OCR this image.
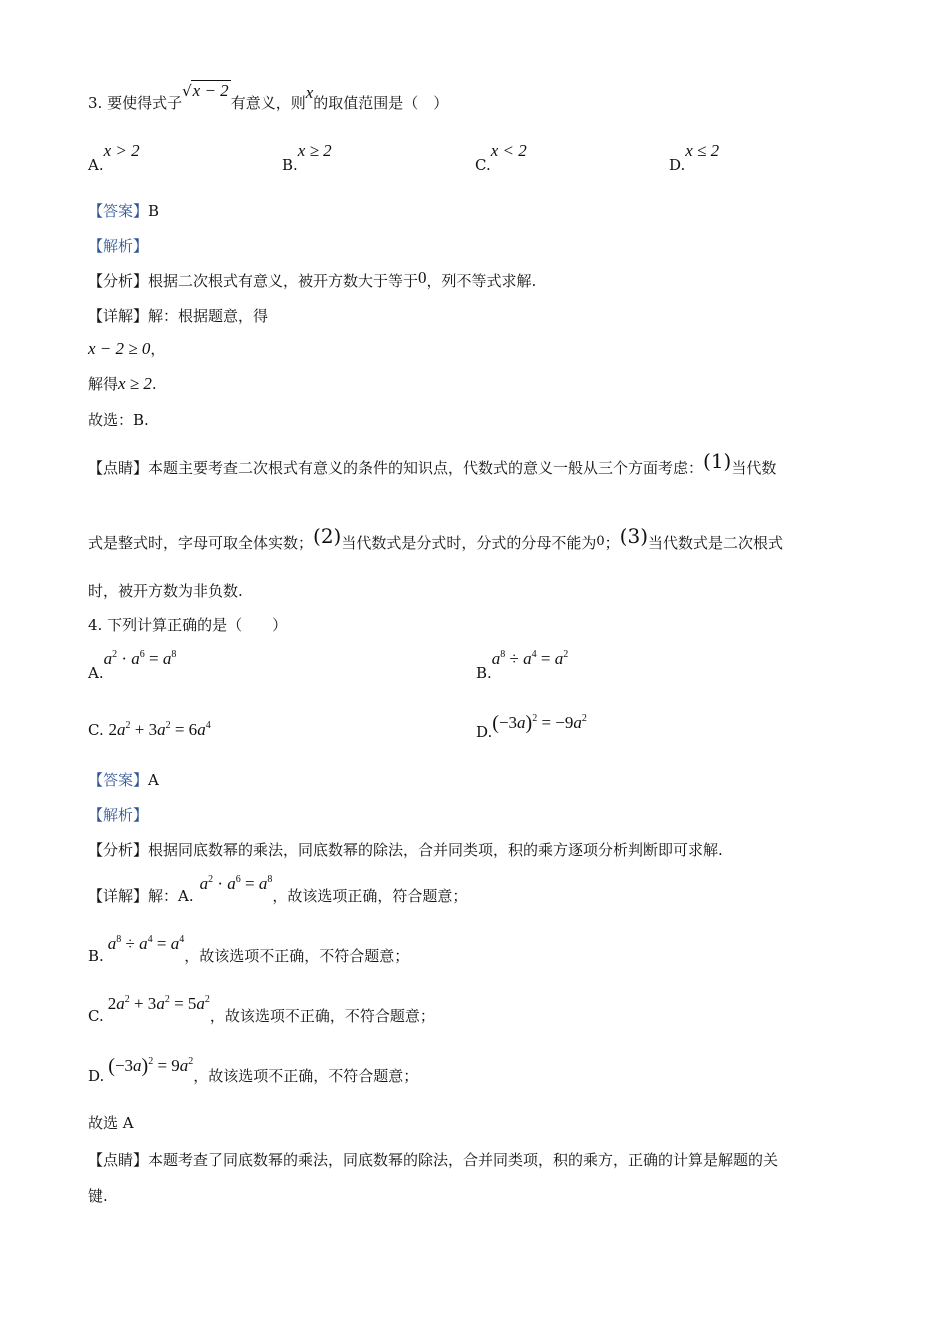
3. 要使得式子√x − 2有意义，则x的取值范围是（　）
A.x > 2
B.x ≥ 2
C.x < 2
D.x ≤ 2
【答案】B
【解析】
【分析】根据二次根式有意义，被开方数大于等于0，列不等式求解.
【详解】解：根据题意，得
x − 2 ≥ 0，
解得x ≥ 2.
故选：B.
【点睛】本题主要考查二次根式有意义的条件的知识点，代数式的意义一般从三个方面考虑：(1)当代数
式是整式时，字母可取全体实数；(2)当代数式是分式时，分式的分母不能为0；(3)当代数式是二次根式
时，被开方数为非负数.
4. 下列计算正确的是（　　）
$A.a^2 \cdot a^6 = a^8$
$B.a^8 \div a^4 = a^2$
C. $2a^2 + 3a^2 = 6a^4$	$D.(-3a)^2 = -9a^2$
【答案】A
【解析】
【分析】根据同底数幂的乘法，同底数幂的除法，合并同类项，积的乘方逐项分析判断即可求解.
【详解】解：$A.a^2 \cdot a^6 = a^8$，故该选项正确，符合题意；
$B.a^8 \div a^4 = a^4$，故该选项不正确，不符合题意；
$C.2a^2 + 3a^2 = 5a^2$，故该选项不正确，不符合题意；
D. $(-3a)^2 = 9a^2$，故该选项不正确，不符合题意；
故选 A
【点睛】本题考查了同底数幂的乘法，同底数幂的除法，合并同类项，积的乘方，正确的计算是解题的关
键.
